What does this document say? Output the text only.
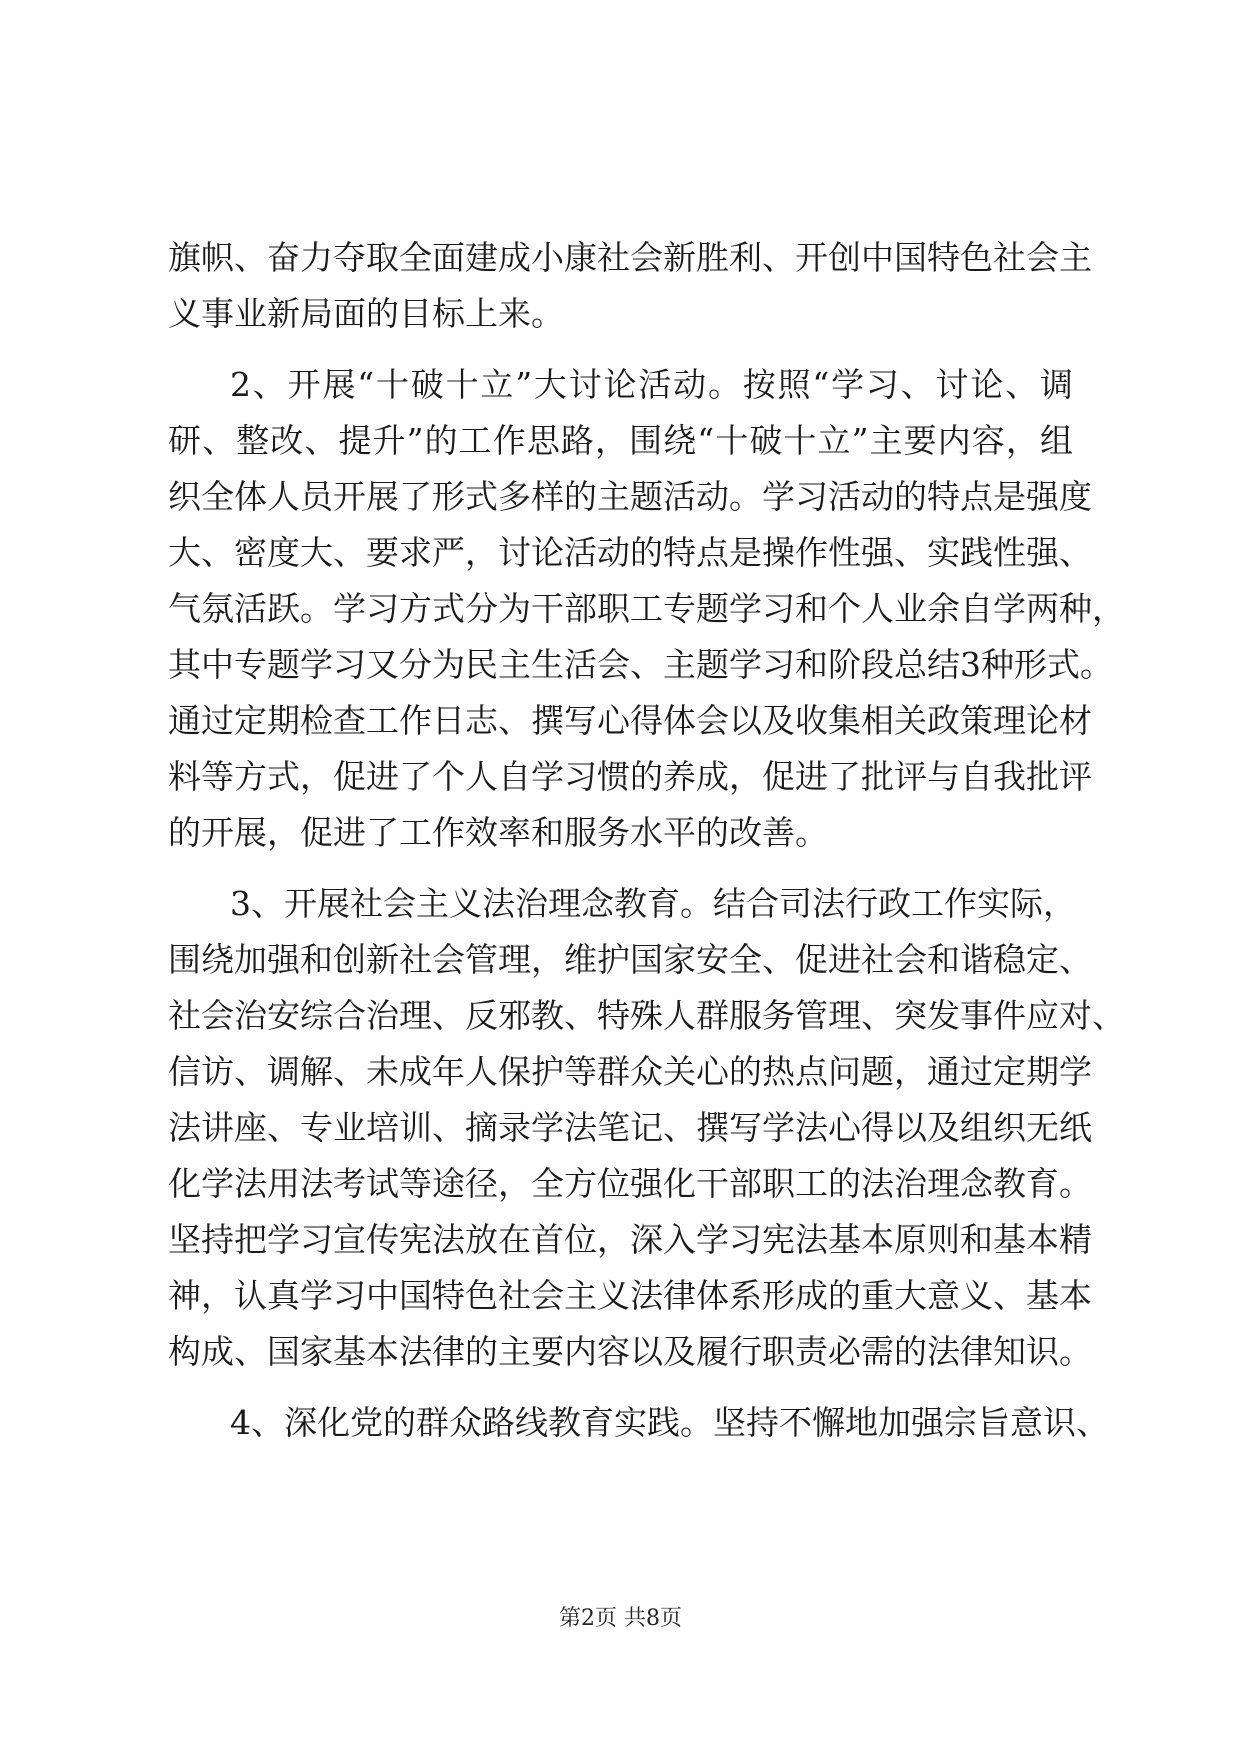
旗帜、奋力夺取全面建成小康社会新胜利、开创中国特色社会主
义事业新局面的目标上来。
2、开展“十破十立”大讨论活动。按照“学习、讨论、调
研、整改、提升”的工作思路，围绕“十破十立”主要内容，组
织全体人员开展了形式多样的主题活动。学习活动的特点是强度
大、密度大、要求严，讨论活动的特点是操作性强、实践性强、
气氛活跃。学习方式分为干部职工专题学习和个人业余自学两种，
其中专题学习又分为民主生活会、主题学习和阶段总结3种形式。
通过定期检查工作日志、撰写心得体会以及收集相关政策理论材
料等方式，促进了个人自学习惯的养成，促进了批评与自我批评
的开展，促进了工作效率和服务水平的改善。
3、开展社会主义法治理念教育。结合司法行政工作实际，
围绕加强和创新社会管理，维护国家安全、促进社会和谐稳定、
社会治安综合治理、反邪教、特殊人群服务管理、突发事件应对、
信访、调解、未成年人保护等群众关心的热点问题，通过定期学
法讲座、专业培训、摘录学法笔记、撰写学法心得以及组织无纸
化学法用法考试等途径，全方位强化干部职工的法治理念教育。
坚持把学习宣传宪法放在首位，深入学习宪法基本原则和基本精
神，认真学习中国特色社会主义法律体系形成的重大意义、基本
构成、国家基本法律的主要内容以及履行职责必需的法律知识。
4、深化党的群众路线教育实践。坚持不懈地加强宗旨意识、
第2页 共8页
